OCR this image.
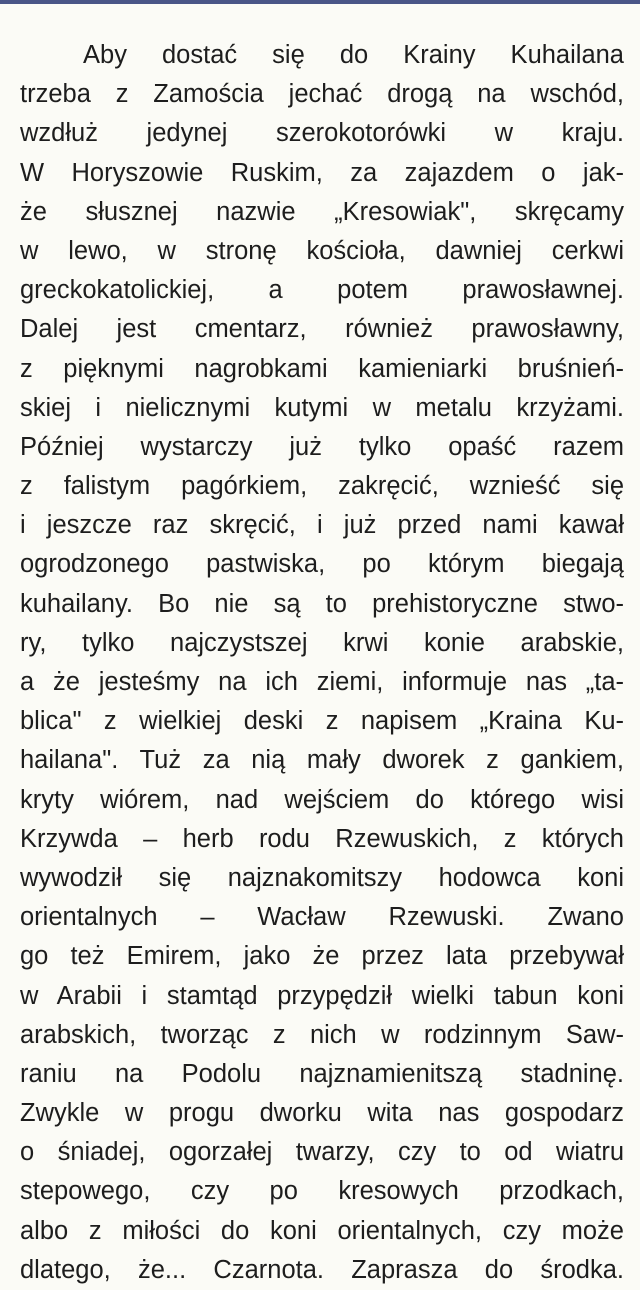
Aby dostać się do Krainy Kuhailana
trzeba z Zamościa jechać drogą na wschód,
wzdłuż jedynej szerokotorówki w kraju.
W Horyszowie Ruskim, za zajazdem o jak-
że słusznej nazwie „Kresowiak", skręcamy
w lewo, w stronę kościoła, dawniej cerkwi
greckokatolickiej, a potem prawosławnej.
Dalej jest cmentarz, również prawosławny,
z pięknymi nagrobkami kamieniarki bruśnień-
skiej i nielicznymi kutymi w metalu krzyżami.
Później wystarczy już tylko opaść razem
z falistym pagórkiem, zakręcić, wznieść się
i jeszcze raz skręcić, i już przed nami kawał
ogrodzonego pastwiska, po którym biegają
kuhailany. Bo nie są to prehistoryczne stwo-
ry, tylko najczystszej krwi konie arabskie,
a że jesteśmy na ich ziemi, informuje nas „ta-
blica" z wielkiej deski z napisem „Kraina Ku-
hailana". Tuż za nią mały dworek z gankiem,
kryty wiórem, nad wejściem do którego wisi
Krzywda – herb rodu Rzewuskich, z których
wywodził się najznakomitszy hodowca koni
orientalnych – Wacław Rzewuski. Zwano
go też Emirem, jako że przez lata przebywał
w Arabii i stamtąd przypędził wielki tabun koni
arabskich, tworząc z nich w rodzinnym Saw-
raniu na Podolu najznamienitszą stadninę.
Zwykle w progu dworku wita nas gospodarz
o śniadej, ogorzałej twarzy, czy to od wiatru
stepowego, czy po kresowych przodkach,
albo z miłości do koni orientalnych, czy może
dlatego, że... Czarnota. Zaprasza do środka.
